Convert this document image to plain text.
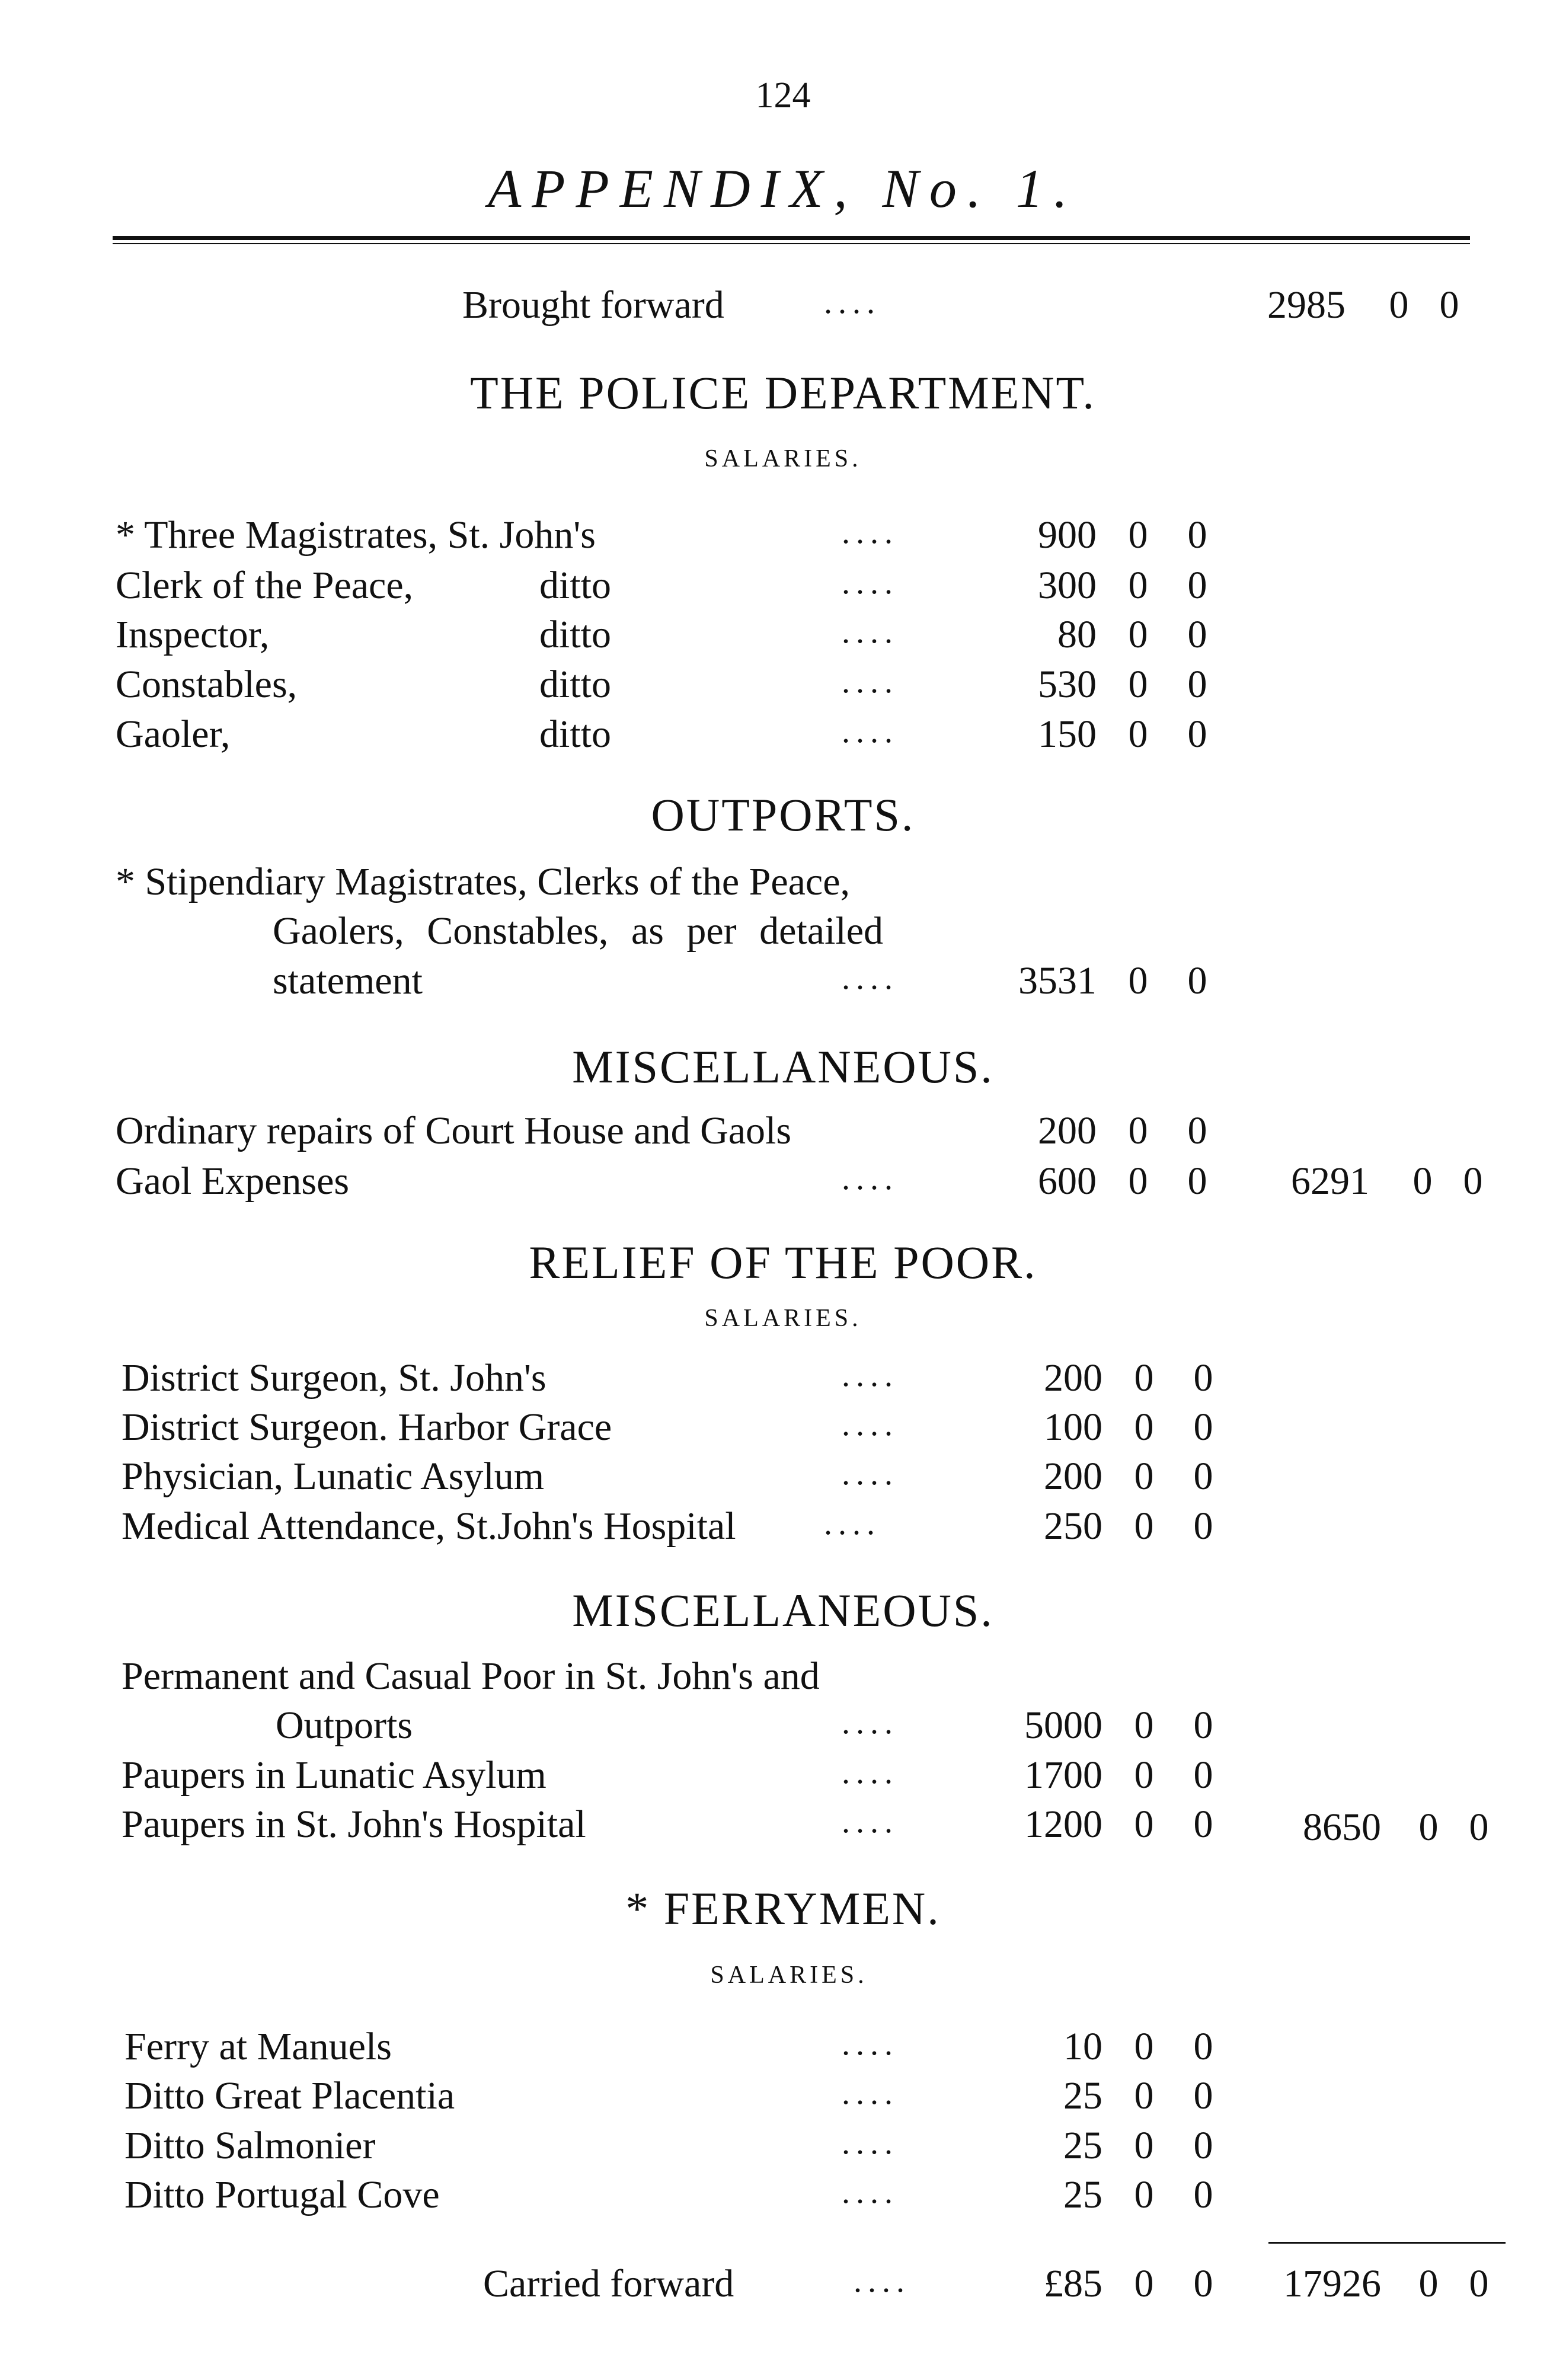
124
APPENDIX, No. 1.
Brought forward	....	2985 0 0
THE POLICE DEPARTMENT.
SALARIES.
* Three Magistrates, St. John's	....	900 0 0
Clerk of the Peace,	ditto	....	300 0 0
Inspector,	ditto	....	80 0 0
Constables,	ditto	....	530 0 0
Gaoler,	ditto	....	150 0 0
OUTPORTS.
* Stipendiary Magistrates, Clerks of the Peace,
Gaolers, Constables, as per detailed
statement	....	3531 0 0
MISCELLANEOUS.
Ordinary repairs of Court House and Gaols	200 0 0
Gaol Expenses	....	600 0 0	6291 0 0
RELIEF OF THE POOR.
SALARIES.
District Surgeon, St. John's	....	200 0 0
District Surgeon. Harbor Grace	....	100 0 0
Physician, Lunatic Asylum	....	200 0 0
Medical Attendance, St.John's Hospital	....	250 0 0
MISCELLANEOUS.
Permanent and Casual Poor in St. John's and
Outports	....	5000 0 0
Paupers in Lunatic Asylum	....	1700 0 0
Paupers in St. John's Hospital	....	1200 0 0	8650 0 0
* FERRYMEN.
SALARIES.
Ferry at Manuels	....	10 0 0
Ditto Great Placentia	....	25 0 0
Ditto Salmonier	....	25 0 0
Ditto Portugal Cove	....	25 0 0
Carried forward	....	£85 0 0	17926 0 0
